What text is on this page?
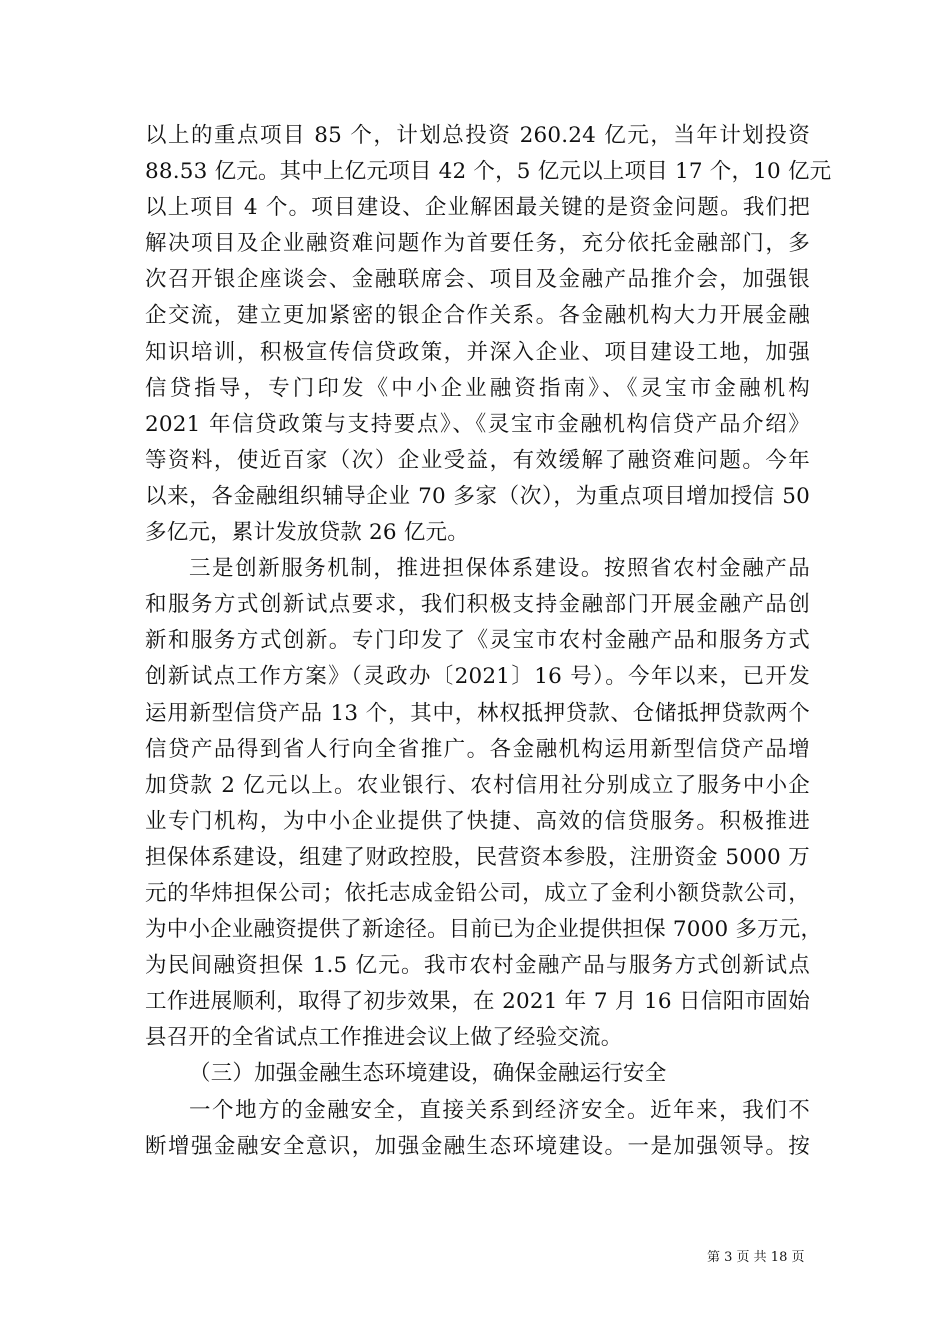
以上的重点项目 85 个，计划总投资 260.24 亿元，当年计划投资
88.53 亿元。其中上亿元项目 42 个，5 亿元以上项目 17 个，10 亿元
以上项目 4 个。项目建设、企业解困最关键的是资金问题。我们把
解决项目及企业融资难问题作为首要任务，充分依托金融部门，多
次召开银企座谈会、金融联席会、项目及金融产品推介会，加强银
企交流，建立更加紧密的银企合作关系。各金融机构大力开展金融
知识培训，积极宣传信贷政策，并深入企业、项目建设工地，加强
信贷指导，专门印发《中小企业融资指南》、《灵宝市金融机构
2021 年信贷政策与支持要点》、《灵宝市金融机构信贷产品介绍》
等资料，使近百家（次）企业受益，有效缓解了融资难问题。今年
以来，各金融组织辅导企业 70 多家（次），为重点项目增加授信 50
多亿元，累计发放贷款 26 亿元。
三是创新服务机制，推进担保体系建设。按照省农村金融产品
和服务方式创新试点要求，我们积极支持金融部门开展金融产品创
新和服务方式创新。专门印发了《灵宝市农村金融产品和服务方式
创新试点工作方案》（灵政办〔2021〕16 号）。今年以来，已开发
运用新型信贷产品 13 个，其中，林权抵押贷款、仓储抵押贷款两个
信贷产品得到省人行向全省推广。各金融机构运用新型信贷产品增
加贷款 2 亿元以上。农业银行、农村信用社分别成立了服务中小企
业专门机构，为中小企业提供了快捷、高效的信贷服务。积极推进
担保体系建设，组建了财政控股，民营资本参股，注册资金 5000 万
元的华炜担保公司；依托志成金铅公司，成立了金利小额贷款公司，
为中小企业融资提供了新途径。目前已为企业提供担保 7000 多万元，
为民间融资担保 1.5 亿元。我市农村金融产品与服务方式创新试点
工作进展顺利，取得了初步效果，在 2021 年 7 月 16 日信阳市固始
县召开的全省试点工作推进会议上做了经验交流。
（三）加强金融生态环境建设，确保金融运行安全
一个地方的金融安全，直接关系到经济安全。近年来，我们不
断增强金融安全意识，加强金融生态环境建设。一是加强领导。按
第 3 页 共 18 页
